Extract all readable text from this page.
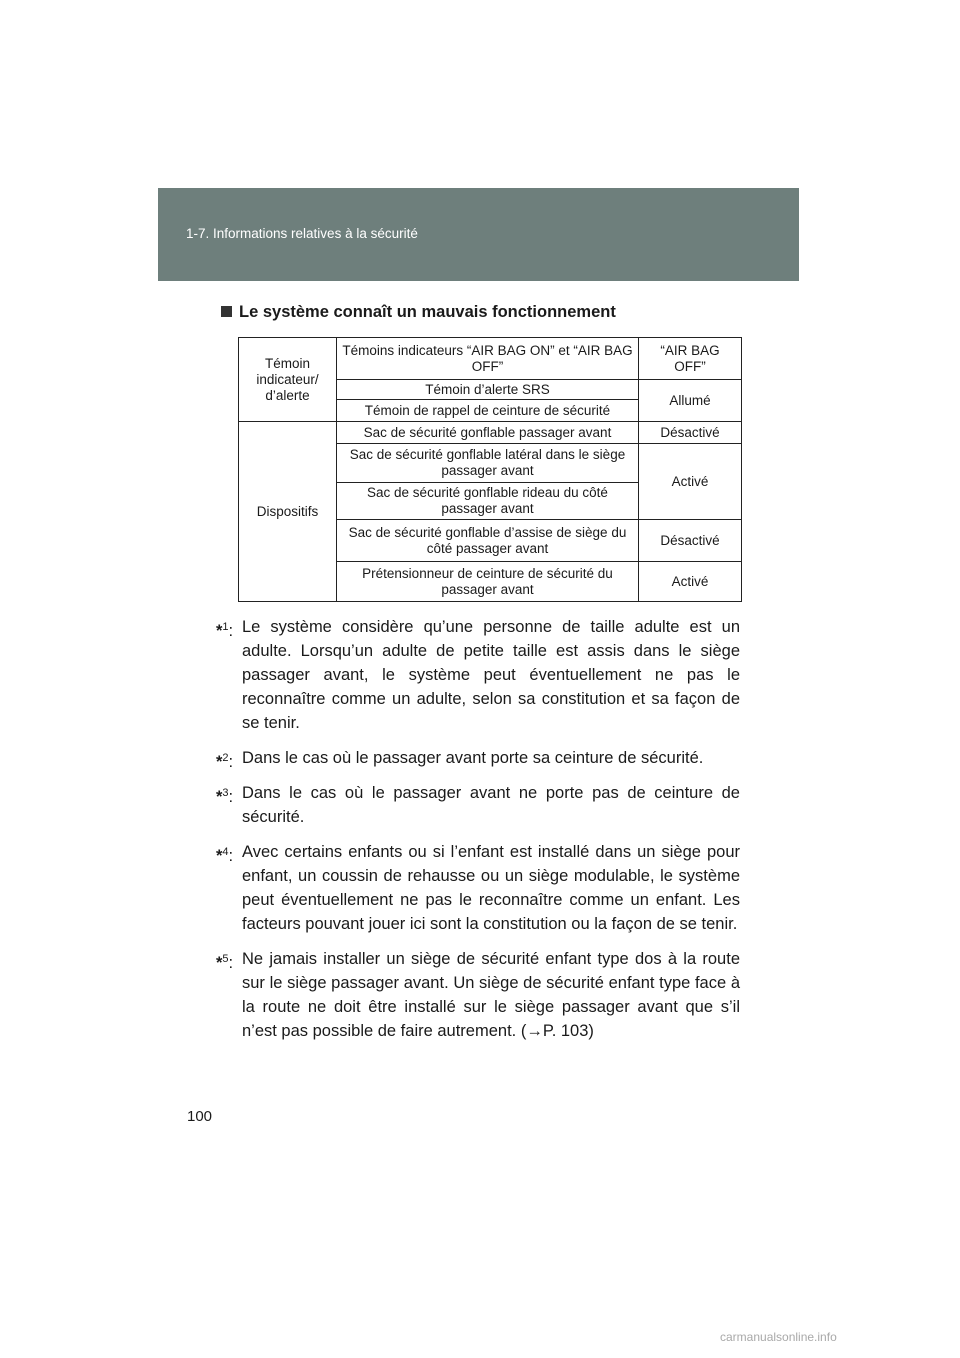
1-7. Informations relatives à la sécurité
Le système connaît un mauvais fonctionnement
Témoin indicateur/ d’alerte	Témoins indicateurs “AIR BAG ON” et “AIR BAG OFF”	“AIR BAG OFF”
	Témoin d’alerte SRS	Allumé
	Témoin de rappel de ceinture de sécurité	
Dispositifs	Sac de sécurité gonflable passager avant	Désactivé
	Sac de sécurité gonflable latéral dans le siège passager avant	Activé
	Sac de sécurité gonflable rideau du côté passager avant	
	Sac de sécurité gonflable d’assise de siège du côté passager avant	Désactivé
	Prétensionneur de ceinture de sécurité du passager avant	Activé
*$^1$: Le système considère qu’une personne de taille adulte est un adulte. Lorsqu’un adulte de petite taille est assis dans le siège passager avant, le système peut éventuellement ne pas le reconnaître comme un adulte, selon sa constitution et sa façon de se tenir.
*$^2$: Dans le cas où le passager avant porte sa ceinture de sécurité.
*$^3$: Dans le cas où le passager avant ne porte pas de ceinture de sécurité.
*$^4$: Avec certains enfants ou si l’enfant est installé dans un siège pour enfant, un coussin de rehausse ou un siège modulable, le système peut éventuellement ne pas le reconnaître comme un enfant. Les facteurs pouvant jouer ici sont la constitution ou la façon de se tenir.
*$^5$: Ne jamais installer un siège de sécurité enfant type dos à la route sur le siège passager avant. Un siège de sécurité enfant type face à la route ne doit être installé sur le siège passager avant que s’il n’est pas possible de faire autrement. (→P. 103)
100
carmanualsonline.info
